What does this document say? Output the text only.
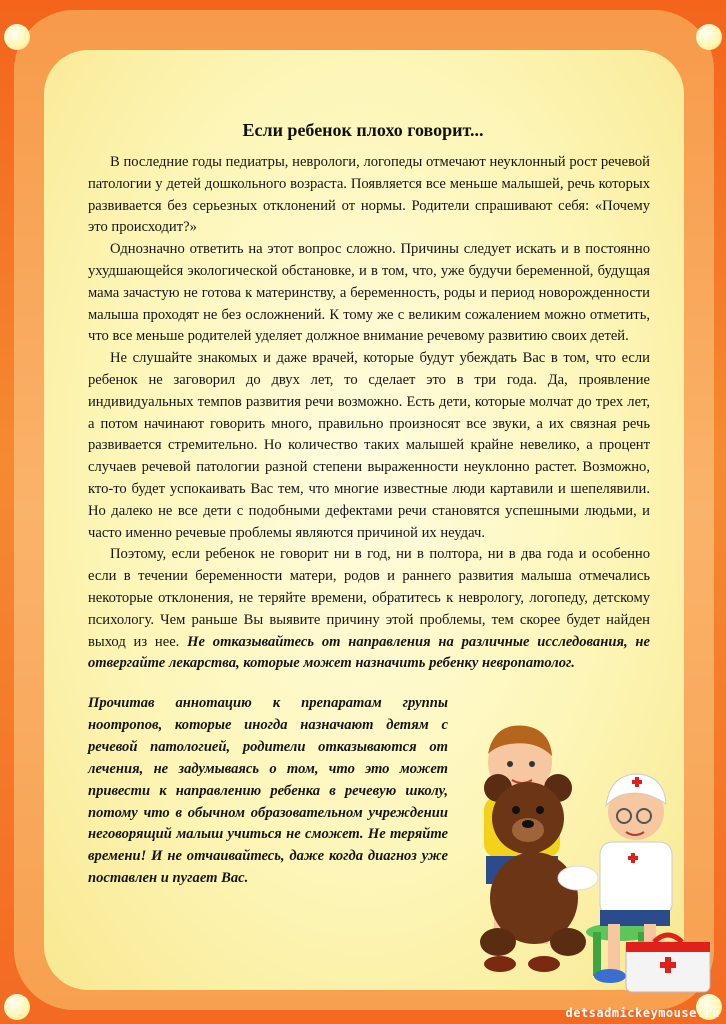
Если ребенок плохо говорит...

В последние годы педиатры, неврологи, логопеды отмечают неуклонный рост речевой патологии у детей дошкольного возраста. Появляется все меньше малышей, речь которых развивается без серьезных отклонений от нормы. Родители спрашивают себя: «Почему это происходит?»

Однозначно ответить на этот вопрос сложно. Причины следует искать и в постоянно ухудшающейся экологической обстановке, и в том, что, уже будучи беременной, будущая мама зачастую не готова к материнству, а беременность, роды и период новорожденности малыша проходят не без осложнений. К тому же с великим сожалением можно отметить, что все меньше родителей уделяет должное внимание речевому развитию своих детей.

Не слушайте знакомых и даже врачей, которые будут убеждать Вас в том, что если ребенок не заговорил до двух лет, то сделает это в три года. Да, проявление индивидуальных темпов развития речи возможно. Есть дети, которые молчат до трех лет, а потом начинают говорить много, правильно произносят все звуки, а их связная речь развивается стремительно. Но количество таких малышей крайне невелико, а процент случаев речевой патологии разной степени выраженности неуклонно растет. Возможно, кто-то будет успокаивать Вас тем, что многие известные люди картавили и шепелявили. Но далеко не все дети с подобными дефектами речи становятся успешными людьми, и часто именно речевые проблемы являются причиной их неудач.

Поэтому, если ребенок не говорит ни в год, ни в полтора, ни в два года и особенно если в течении беременности матери, родов и раннего развития малыша отмечались некоторые отклонения, не теряйте времени, обратитесь к неврологу, логопеду, детскому психологу. Чем раньше Вы выявите причину этой проблемы, тем скорее будет найден выход из нее. Не отказывайтесь от направления на различные исследования, не отвергайте лекарства, которые может назначить ребенку невропатолог.

Прочитав аннотацию к препаратам группы ноотропов, которые иногда назначают детям с речевой патологией, родители отказываются от лечения, не задумываясь о том, что это может привести к направлению ребенка в речевую школу, потому что в обычном образовательном учреждении неговорящий малыш учиться не сможет. Не теряйте времени! И не отчаивайтесь, даже когда диагноз уже поставлен и пугает Вас.
detsadmickeymouse.ru
